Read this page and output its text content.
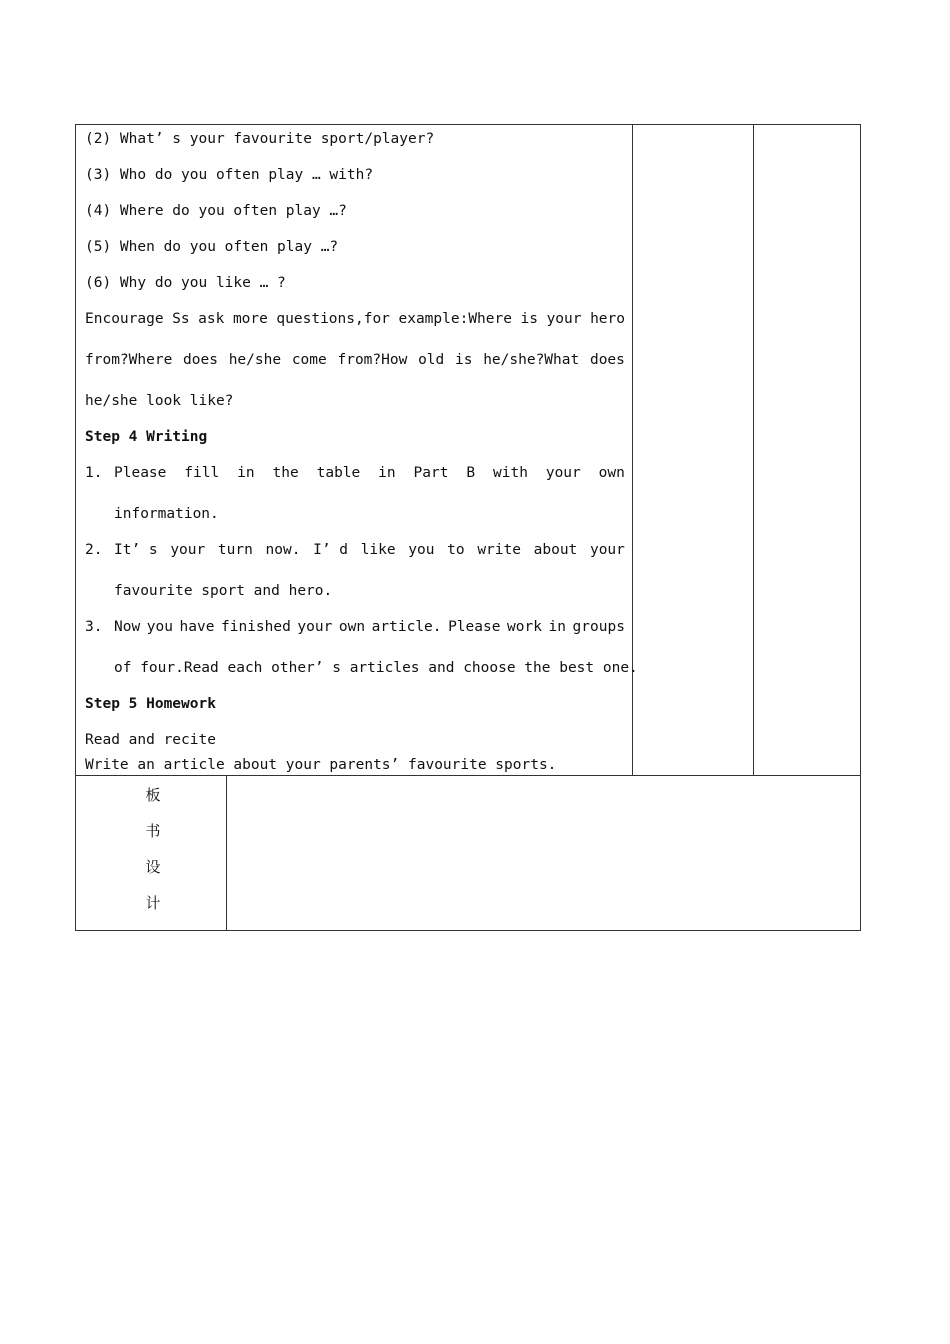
(2) What’ s your favourite sport/player?
(3) Who do you often play … with?
(4) Where do you often play …?
(5) When do you often play …?
(6) Why do you like … ?
Encourage Ss ask more questions,for example:Where is your hero
from?Where does he/she come from?How old is he/she?What does
he/she look like?
Step 4 Writing
1. Please fill in the table in Part B with your own
information.
2. It’ s your turn now. I’ d like you to write about your
favourite sport and hero.
3. Now you have finished your own article. Please work in groups
of four.Read each other’ s articles and choose the best one.
Step 5 Homework
Read and recite
Write an article about your parents’ favourite sports.
板
书
设
计
